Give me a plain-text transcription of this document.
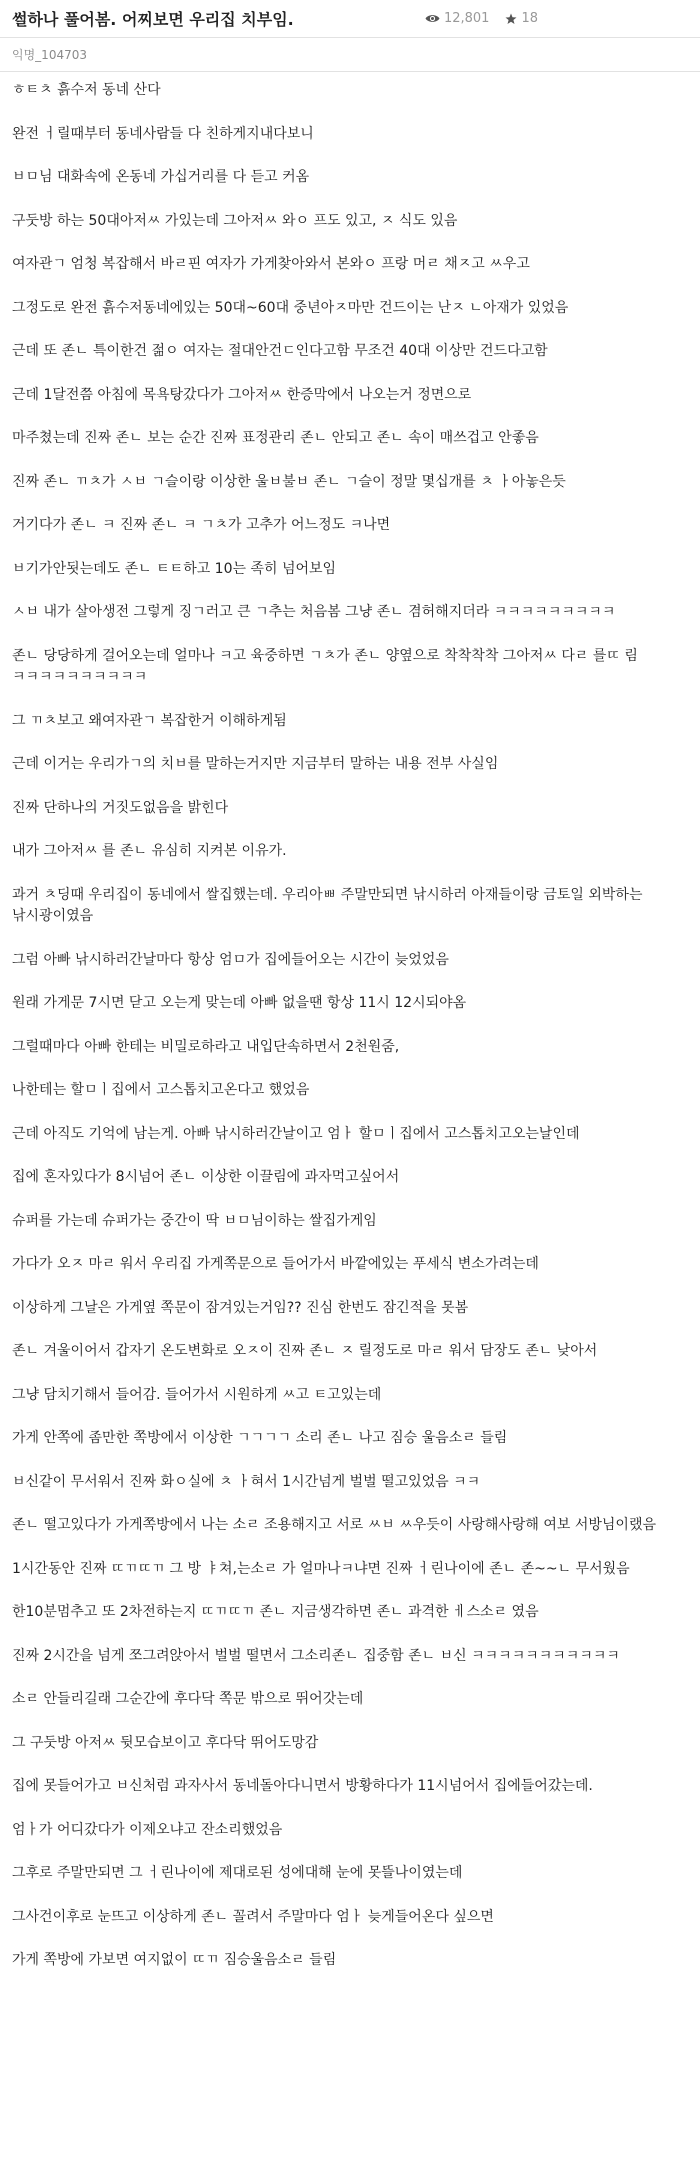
썰하나 풀어봄. 어찌보면 우리집 치부임.	12,801 18
익명_104703

ㅎㅌㅊ 흙수저 동네 산다

완전 ㅓ릴때부터 동네사람들 다 친하게지내다보니

ㅂㅁ님 대화속에 온동네 가십거리를 다 듣고 커옴

구둣방 하는 50대아저ㅆ 가있는데 그아저ㅆ 와ㅇ 프도 있고, ㅈ 식도 있음

여자관ㄱ 엄청 복잡해서 바ㄹ핀 여자가 가게찾아와서 본와ㅇ 프랑 머ㄹ 채ㅈ고 ㅆ우고

그정도로 완전 흙수저동네에있는 50대~60대 중년아ㅈ마만 건드이는 난ㅈ ㄴ아재가 있었음

근데 또 존ㄴ 특이한건 젊ㅇ 여자는 절대안건ㄷ인다고함 무조건 40대 이상만 건드다고함

근데 1달전쯤 아침에 목욕탕갔다가 그아저ㅆ 한증막에서 나오는거 정면으로

마주쳤는데 진짜 존ㄴ 보는 순간 진짜 표정관리 존ㄴ 안되고 존ㄴ 속이 매쓰겁고 안좋음

진짜 존ㄴ ㄲㅊ가 ㅅㅂ ㄱ슬이랑 이상한 울ㅂ불ㅂ 존ㄴ ㄱ슬이 정말 몇십개를 ㅊ ㅏ아놓은듯

거기다가 존ㄴ ㅋ 진짜 존ㄴ ㅋ ㄱㅊ가 고추가 어느정도 ㅋ나면

ㅂ기가안됫는데도 존ㄴ ㅌㅌ하고 10는 족히 넘어보임

ㅅㅂ 내가 살아생전 그렇게 징ㄱ러고 큰 ㄱ추는 처음봄 그냥 존ㄴ 겸허해지더라 ㅋㅋㅋㅋㅋㅋㅋㅋㅋ

존ㄴ 당당하게 걸어오는데 얼마나 ㅋ고 육중하면 ㄱㅊ가 존ㄴ 양옆으로 착착착착 그아저ㅆ 다ㄹ 를ㄸ 림 ㅋㅋㅋㅋㅋㅋㅋㅋㅋㅋ

그 ㄲㅊ보고 왜여자관ㄱ 복잡한거 이해하게됨

근데 이거는 우리가ㄱ의 치ㅂ를 말하는거지만 지금부터 말하는 내용 전부 사실임

진짜 단하나의 거짓도없음을 밝힌다

내가 그아저ㅆ 를 존ㄴ 유심히 지켜본 이유가.

과거 ㅊ딩때 우리집이 동네에서 쌀집했는데. 우리아ㅃ 주말만되면 낚시하러 아재들이랑 금토일 외박하는 낚시광이였음

그럼 아빠 낚시하러간날마다 항상 엄ㅁ가 집에들어오는 시간이 늦었었음

원래 가게문 7시면 닫고 오는게 맞는데 아빠 없을땐 항상 11시 12시되야옴

그럴때마다 아빠 한테는 비밀로하라고 내입단속하면서 2천원줌,

나한테는 할ㅁㅣ집에서 고스톱치고온다고 했었음

근데 아직도 기억에 남는게. 아빠 낚시하러간날이고 엄ㅏ 할ㅁㅣ집에서 고스톱치고오는날인데

집에 혼자있다가 8시넘어 존ㄴ 이상한 이끌림에 과자먹고싶어서

슈퍼를 가는데 슈퍼가는 중간이 딱 ㅂㅁ님이하는 쌀집가게임

가다가 오ㅈ 마ㄹ 워서 우리집 가게쪽문으로 들어가서 바깥에있는 푸세식 변소가려는데

이상하게 그날은 가게옆 쪽문이 잠겨있는거임?? 진심 한번도 잠긴적을 못봄

존ㄴ 겨울이어서 갑자기 온도변화로 오ㅈ이 진짜 존ㄴ ㅈ 릴정도로 마ㄹ 워서 담장도 존ㄴ 낮아서

그냥 담치기해서 들어감. 들어가서 시원하게 ㅆ고 ㅌ고있는데

가게 안쪽에 좀만한 쪽방에서 이상한 ㄱㄱㄱㄱ 소리 존ㄴ 나고 짐승 울음소ㄹ 들림

ㅂ신같이 무서워서 진짜 화ㅇ실에 ㅊ ㅏ혀서 1시간넘게 벌벌 떨고있었음 ㅋㅋ

존ㄴ 떨고있다가 가게쪽방에서 나는 소ㄹ 조용해지고 서로 ㅆㅂ ㅆ우듯이 사랑해사랑해 여보 서방님이랬음

1시간동안 진짜 ㄸㄲㄸㄲ 그 방 ㅑ쳐,는소ㄹ 가 얼마나ㅋ냐면 진짜 ㅓ린나이에 존ㄴ 존~~ㄴ 무서웠음

한10분멈추고 또 2차전하는지 ㄸㄲㄸㄲ 존ㄴ 지금생각하면 존ㄴ 과격한 ㅔ스소ㄹ 였음

진짜 2시간을 넘게 쪼그려앉아서 벌벌 떨면서 그소리존ㄴ 집중함 존ㄴ ㅂ신 ㅋㅋㅋㅋㅋㅋㅋㅋㅋㅋㅋ

소ㄹ 안들리길래 그순간에 후다닥 쪽문 밖으로 뛰어갓는데

그 구둣방 아저ㅆ 뒷모습보이고 후다닥 뛰어도망감

집에 못들어가고 ㅂ신처럼 과자사서 동네돌아다니면서 방황하다가 11시넘어서 집에들어갔는데.

엄ㅏ가 어디갔다가 이제오냐고 잔소리했었음

그후로 주말만되면 그 ㅓ린나이에 제대로된 성에대해 눈에 못뜰나이였는데

그사건이후로 눈뜨고 이상하게 존ㄴ 꼴려서 주말마다 엄ㅏ 늦게들어온다 싶으면

가게 쪽방에 가보면 여지없이 ㄸㄲ 짐승울음소ㄹ 들림
